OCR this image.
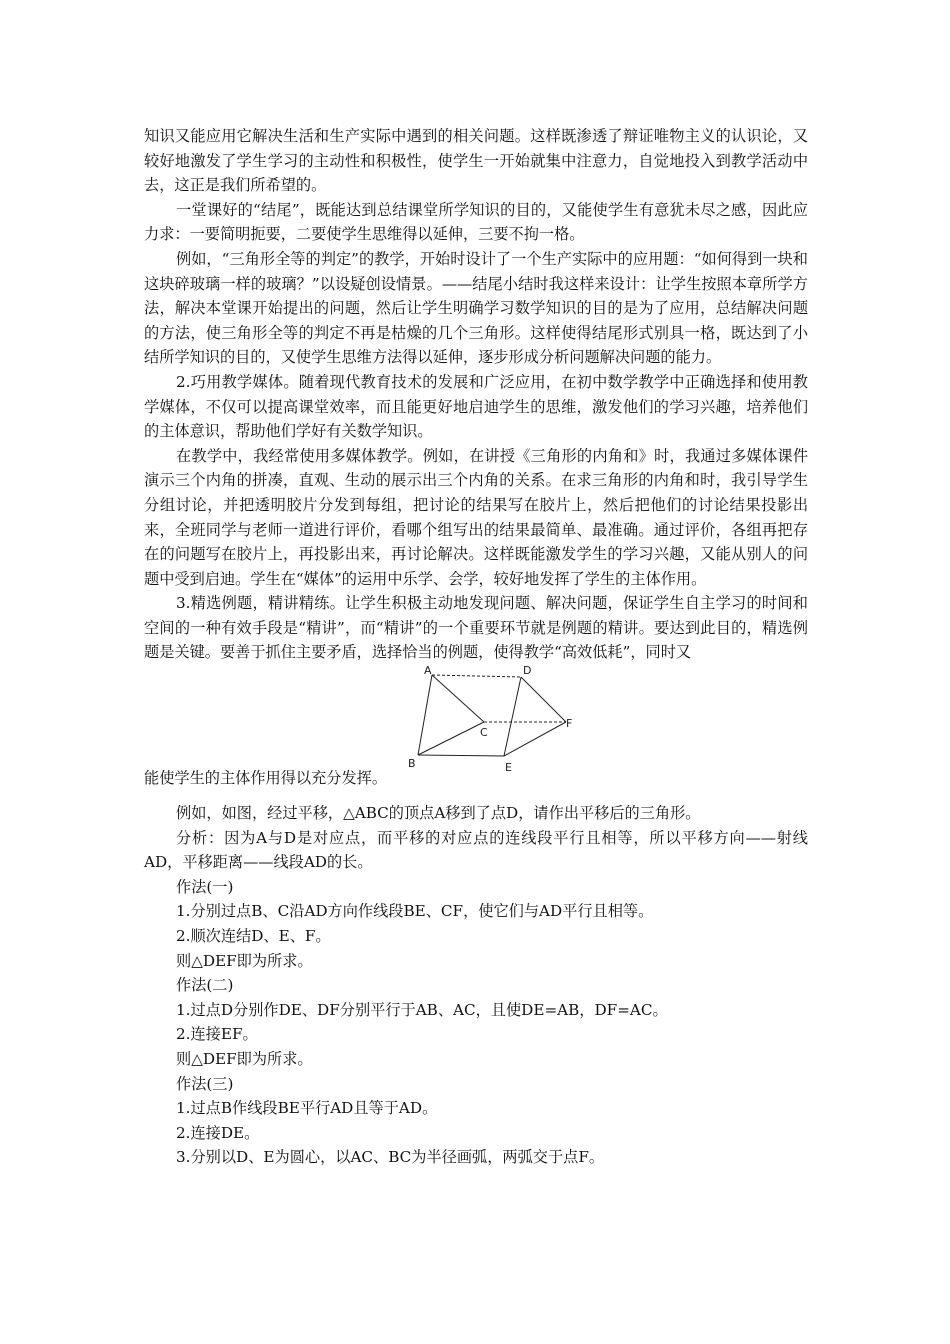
知识又能应用它解决生活和生产实际中遇到的相关问题。这样既渗透了辩证唯物主义的认识论，又较好地激发了学生学习的主动性和积极性，使学生一开始就集中注意力，自觉地投入到教学活动中去，这正是我们所希望的。

一堂课好的“结尾”，既能达到总结课堂所学知识的目的，又能使学生有意犹未尽之感，因此应力求：一要简明扼要，二要使学生思维得以延伸，三要不拘一格。

例如，“三角形全等的判定”的教学，开始时设计了一个生产实际中的应用题：“如何得到一块和这块碎玻璃一样的玻璃？”以设疑创设情景。——结尾小结时我这样来设计：让学生按照本章所学方法，解决本堂课开始提出的问题，然后让学生明确学习数学知识的目的是为了应用，总结解决问题的方法，使三角形全等的判定不再是枯燥的几个三角形。这样使得结尾形式别具一格，既达到了小结所学知识的目的，又使学生思维方法得以延伸，逐步形成分析问题解决问题的能力。

2.巧用教学媒体。随着现代教育技术的发展和广泛应用，在初中数学教学中正确选择和使用教学媒体，不仅可以提高课堂效率，而且能更好地启迪学生的思维，激发他们的学习兴趣，培养他们的主体意识，帮助他们学好有关数学知识。

在教学中，我经常使用多媒体教学。例如，在讲授《三角形的内角和》时，我通过多媒体课件演示三个内角的拼凑，直观、生动的展示出三个内角的关系。在求三角形的内角和时，我引导学生分组讨论，并把透明胶片分发到每组，把讨论的结果写在胶片上，然后把他们的讨论结果投影出来，全班同学与老师一道进行评价，看哪个组写出的结果最简单、最准确。通过评价，各组再把存在的问题写在胶片上，再投影出来，再讨论解决。这样既能激发学生的学习兴趣，又能从别人的问题中受到启迪。学生在“媒体”的运用中乐学、会学，较好地发挥了学生的主体作用。

3.精选例题，精讲精练。让学生积极主动地发现问题、解决问题，保证学生自主学习的时间和空间的一种有效手段是“精讲”，而“精讲”的一个重要环节就是例题的精讲。要达到此目的，精选例题是关键。要善于抓住主要矛盾，选择恰当的例题，使得教学“高效低耗”，同时又

能使学生的主体作用得以充分发挥。
A
B
C
D
E
F

例如，如图，经过平移，△ABC的顶点A移到了点D，请作出平移后的三角形。

分析：因为A与D是对应点，而平移的对应点的连线段平行且相等，所以平移方向——射线AD，平移距离——线段AD的长。

作法(一)

1.分别过点B、C沿AD方向作线段BE、CF，使它们与AD平行且相等。

2.顺次连结D、E、F。

则△DEF即为所求。

作法(二)

1.过点D分别作DE、DF分别平行于AB、AC，且使DE=AB，DF=AC。

2.连接EF。

则△DEF即为所求。

作法(三)

1.过点B作线段BE平行AD且等于AD。

2.连接DE。

3.分别以D、E为圆心，以AC、BC为半径画弧，两弧交于点F。
